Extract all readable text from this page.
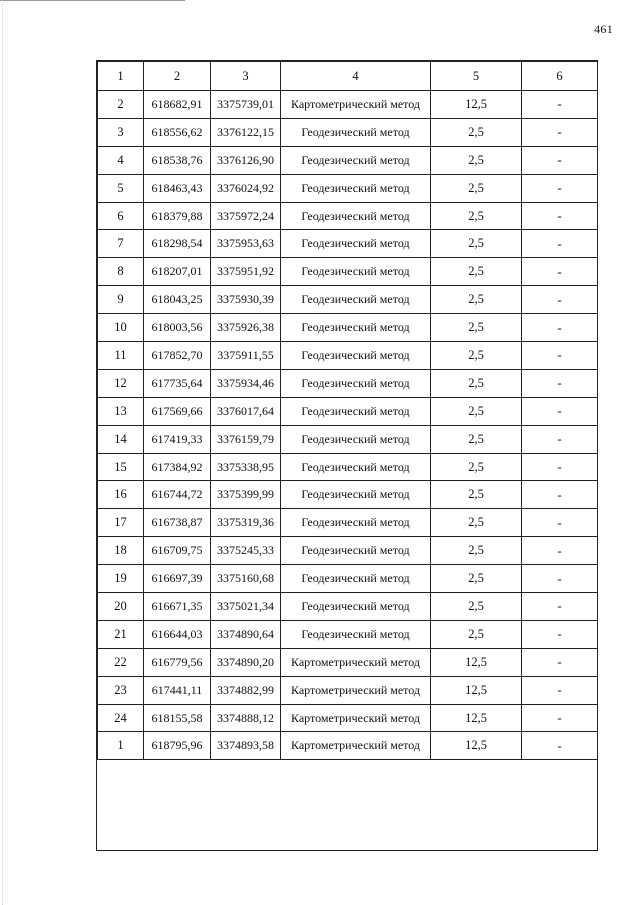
461
1	2	3	4	5	6
2	618682,91	3375739,01	Картометрический метод	12,5	-
3	618556,62	3376122,15	Геодезический метод	2,5	-
4	618538,76	3376126,90	Геодезический метод	2,5	-
5	618463,43	3376024,92	Геодезический метод	2,5	-
6	618379,88	3375972,24	Геодезический метод	2,5	-
7	618298,54	3375953,63	Геодезический метод	2,5	-
8	618207,01	3375951,92	Геодезический метод	2,5	-
9	618043,25	3375930,39	Геодезический метод	2,5	-
10	618003,56	3375926,38	Геодезический метод	2,5	-
11	617852,70	3375911,55	Геодезический метод	2,5	-
12	617735,64	3375934,46	Геодезический метод	2,5	-
13	617569,66	3376017,64	Геодезический метод	2,5	-
14	617419,33	3376159,79	Геодезический метод	2,5	-
15	617384,92	3375338,95	Геодезический метод	2,5	-
16	616744,72	3375399,99	Геодезический метод	2,5	-
17	616738,87	3375319,36	Геодезический метод	2,5	-
18	616709,75	3375245,33	Геодезический метод	2,5	-
19	616697,39	3375160,68	Геодезический метод	2,5	-
20	616671,35	3375021,34	Геодезический метод	2,5	-
21	616644,03	3374890,64	Геодезический метод	2,5	-
22	616779,56	3374890,20	Картометрический метод	12,5	-
23	617441,11	3374882,99	Картометрический метод	12,5	-
24	618155,58	3374888,12	Картометрический метод	12,5	-
1	618795,96	3374893,58	Картометрический метод	12,5	-
